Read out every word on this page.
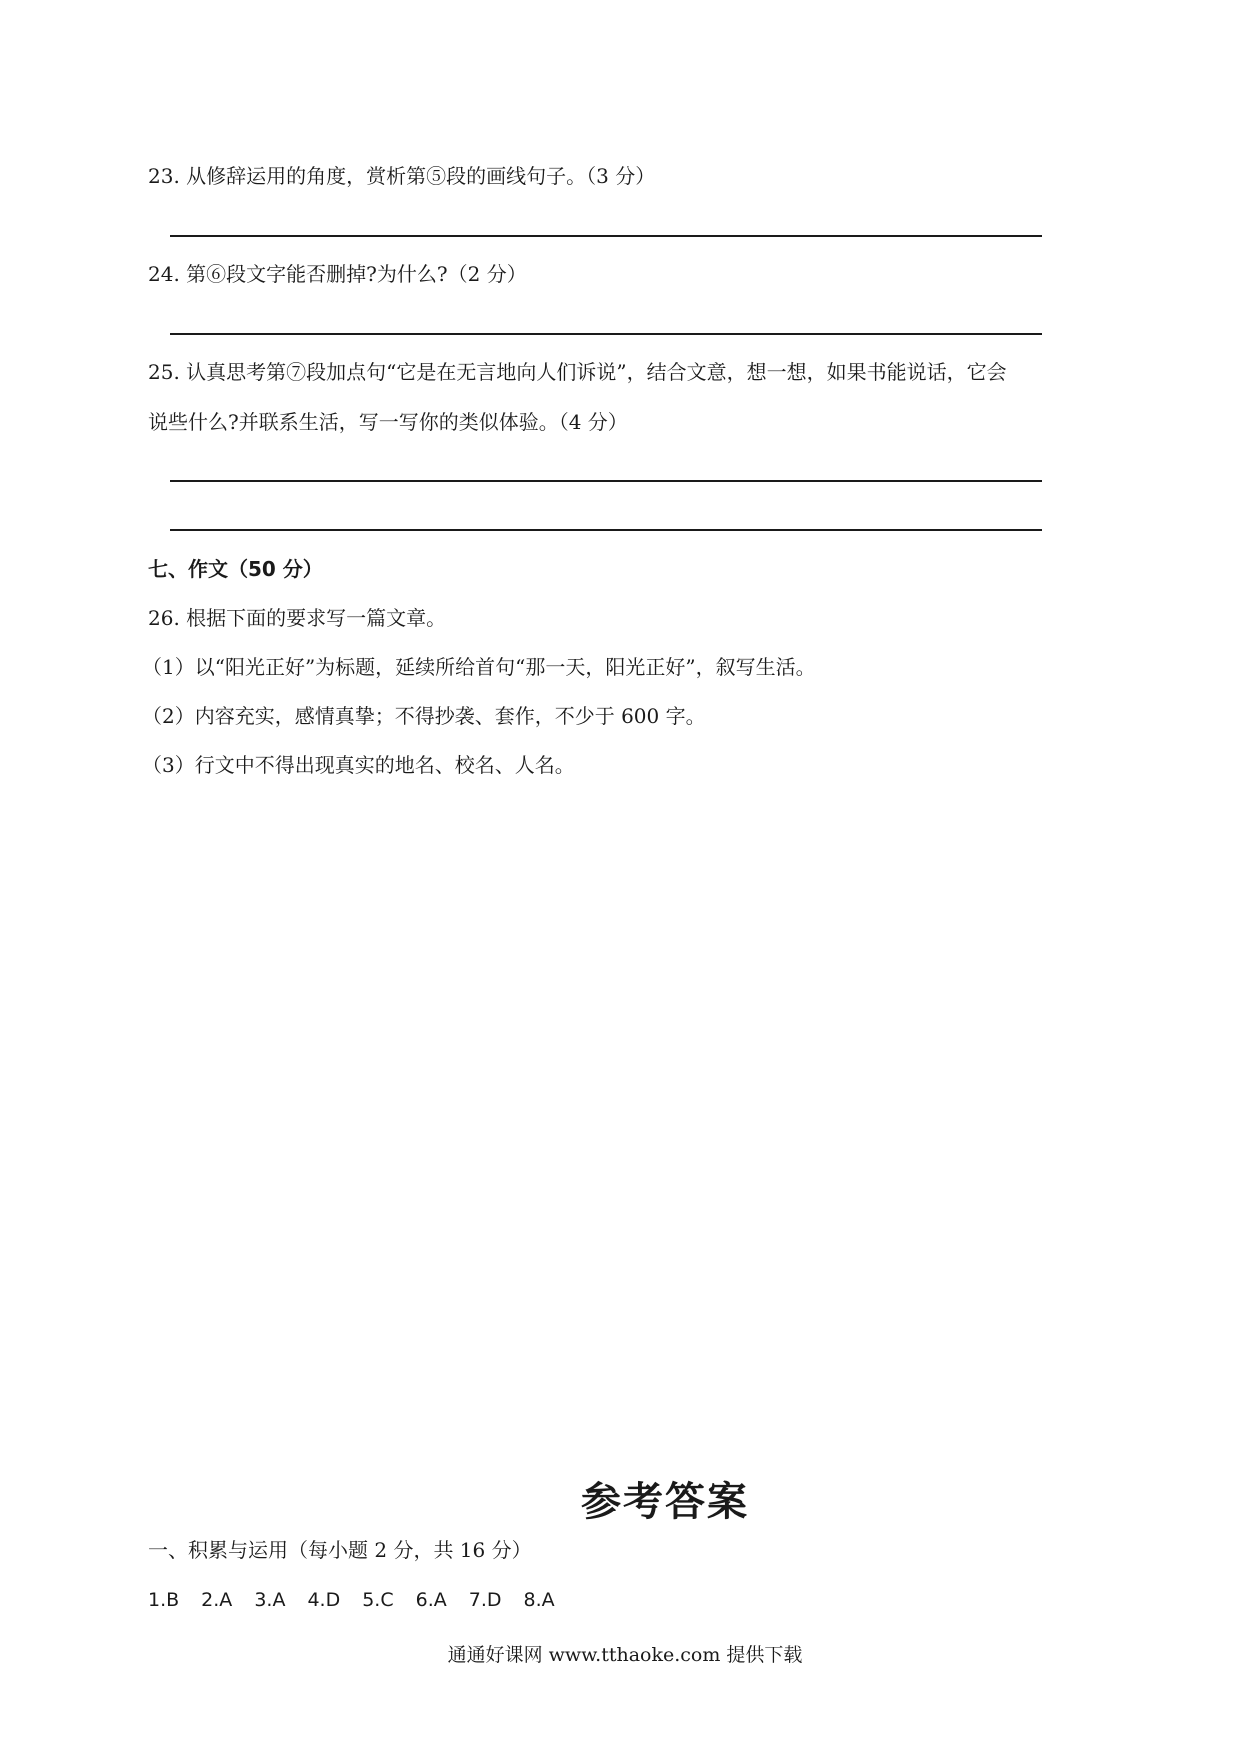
23. 从修辞运用的角度，赏析第⑤段的画线句子。（3 分）
24. 第⑥段文字能否删掉?为什么?（2 分）
25. 认真思考第⑦段加点句“它是在无言地向人们诉说”，结合文意，想一想，如果书能说话，它会
说些什么?并联系生活，写一写你的类似体验。（4 分）
七、作文（50 分）
26. 根据下面的要求写一篇文章。
（1）以“阳光正好”为标题，延续所给首句“那一天，阳光正好”，叙写生活。
（2）内容充实，感情真挚；不得抄袭、套作，不少于 600 字。
（3）行文中不得出现真实的地名、校名、人名。
参考答案
一、积累与运用（每小题 2 分，共 16 分）
1.B 2.A 3.A 4.D 5.C 6.A 7.D 8.A
通通好课网 www.tthaoke.com 提供下载
